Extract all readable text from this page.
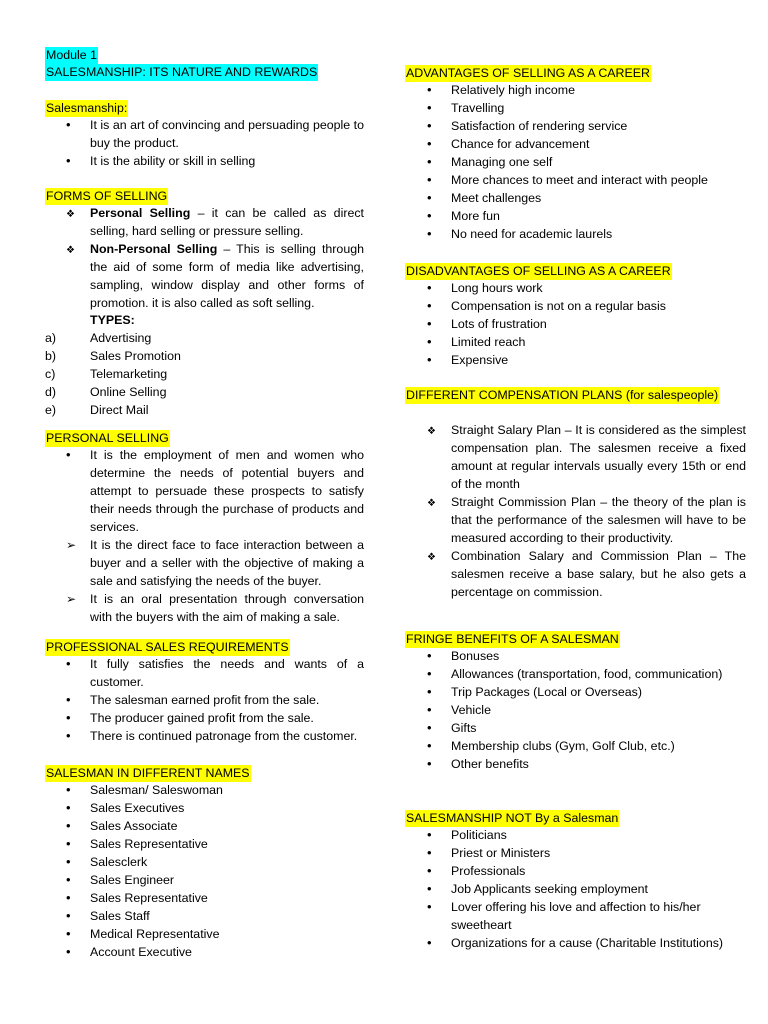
Module 1
SALESMANSHIP: ITS NATURE AND REWARDS
Salesmanship:
•
It is an art of convincing and persuading people to buy the product.
•
It is the ability or skill in selling
FORMS OF SELLING
❖
Personal Selling – it can be called as direct selling, hard selling or pressure selling.
❖
Non-Personal Selling – This is selling through the aid of some form of media like advertising, sampling, window display and other forms of promotion. it is also called as soft selling.
TYPES:
a)	Advertising
b)	Sales Promotion
c)	Telemarketing
d)	Online Selling
e)	Direct Mail
PERSONAL SELLING
•
It is the employment of men and women who determine the needs of potential buyers and attempt to persuade these prospects to satisfy their needs through the purchase of products and services.
➢
It is the direct face to face interaction between a buyer and a seller with the objective of making a sale and satisfying the needs of the buyer.
➢
It is an oral presentation through conversation with the buyers with the aim of making a sale.
PROFESSIONAL SALES REQUIREMENTS
•
It fully satisfies the needs and wants of a customer.
•
The salesman earned profit from the sale.
•
The producer gained profit from the sale.
•
There is continued patronage from the customer.
SALESMAN IN DIFFERENT NAMES
•
Salesman/ Saleswoman
•
Sales Executives
•
Sales Associate
•
Sales Representative
•
Salesclerk
•
Sales Engineer
•
Sales Representative
•
Sales Staff
•
Medical Representative
•
Account Executive
ADVANTAGES OF SELLING AS A CAREER
•
Relatively high income
•
Travelling
•
Satisfaction of rendering service
•
Chance for advancement
•
Managing one self
•
More chances to meet and interact with people
•
Meet challenges
•
More fun
•
No need for academic laurels
DISADVANTAGES OF SELLING AS A CAREER
•
Long hours work
•
Compensation is not on a regular basis
•
Lots of frustration
•
Limited reach
•
Expensive
DIFFERENT COMPENSATION PLANS (for salespeople)
❖
Straight Salary Plan – It is considered as the simplest compensation plan. The salesmen receive a fixed amount at regular intervals usually every 15th or end of the month
❖
Straight Commission Plan – the theory of the plan is that the performance of the salesmen will have to be measured according to their productivity.
❖
Combination Salary and Commission Plan – The salesmen receive a base salary, but he also gets a percentage on commission.
FRINGE BENEFITS OF A SALESMAN
•
Bonuses
•
Allowances (transportation, food, communication)
•
Trip Packages (Local or Overseas)
•
Vehicle
•
Gifts
•
Membership clubs (Gym, Golf Club, etc.)
•
Other benefits
SALESMANSHIP NOT By a Salesman
•
Politicians
•
Priest or Ministers
•
Professionals
•
Job Applicants seeking employment
•
Lover offering his love and affection to his/her sweetheart
•
Organizations for a cause (Charitable Institutions)
